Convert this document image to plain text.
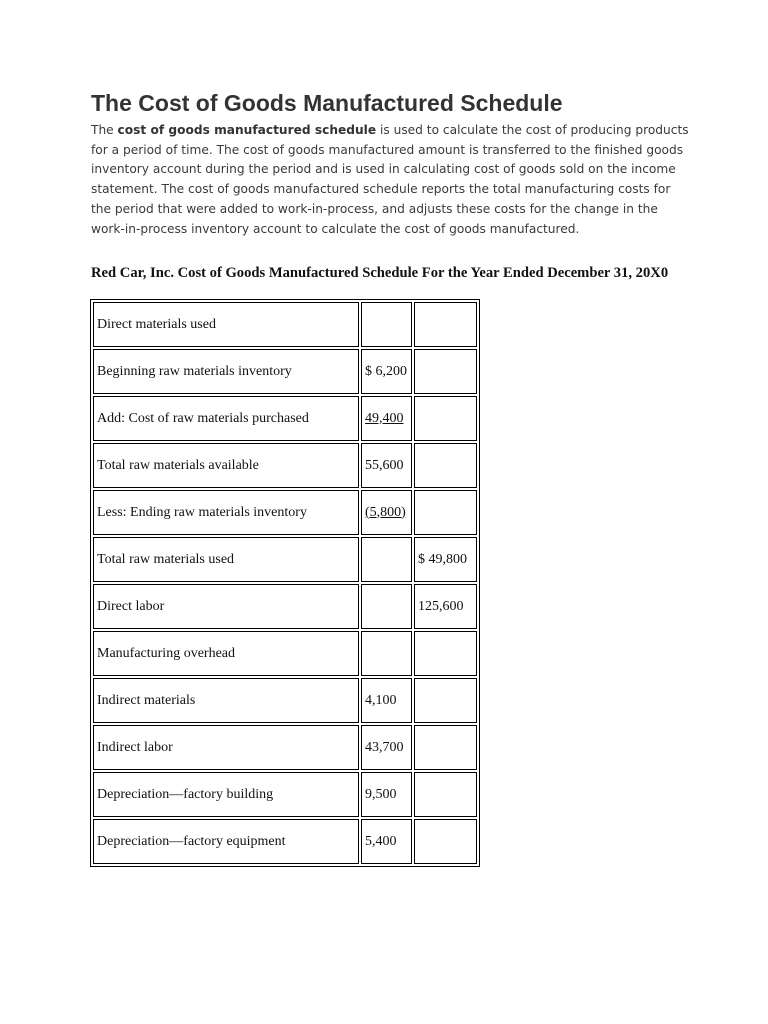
The Cost of Goods Manufactured Schedule

The cost of goods manufactured schedule is used to calculate the cost of producing products for a period of time. The cost of goods manufactured amount is transferred to the finished goods inventory account during the period and is used in calculating cost of goods sold on the income statement. The cost of goods manufactured schedule reports the total manufacturing costs for the period that were added to work-in-process, and adjusts these costs for the change in the work-in-process inventory account to calculate the cost of goods manufactured.

Red Car, Inc. Cost of Goods Manufactured Schedule For the Year Ended December 31, 20X0

Direct materials used		
Beginning raw materials inventory	$ 6,200	
Add: Cost of raw materials purchased	49,400	
Total raw materials available	55,600	
Less: Ending raw materials inventory	(5,800)	
Total raw materials used		$ 49,800
Direct labor		125,600
Manufacturing overhead		
Indirect materials	4,100	
Indirect labor	43,700	
Depreciation—factory building	9,500	
Depreciation—factory equipment	5,400	
